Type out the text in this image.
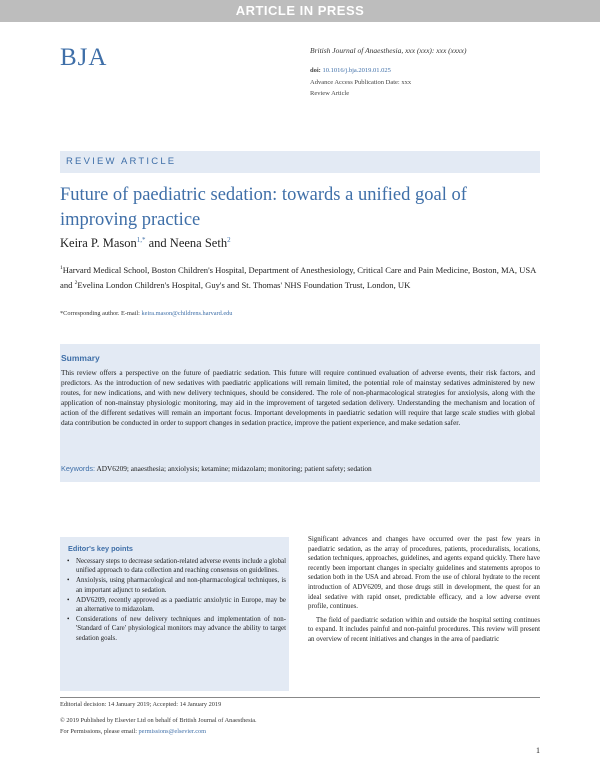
ARTICLE IN PRESS
BJA	British Journal of Anaesthesia, xxx (xxx): xxx (xxxx)
doi: 10.1016/j.bja.2019.01.025
Advance Access Publication Date: xxx
Review Article
REVIEW ARTICLE
Future of paediatric sedation: towards a unified goal of improving practice
Keira P. Mason$^{1,*}$ and Neena Seth$^2$
$^1$Harvard Medical School, Boston Children's Hospital, Department of Anesthesiology, Critical Care and Pain Medicine, Boston, MA, USA and $^2$Evelina London Children's Hospital, Guy's and St. Thomas' NHS Foundation Trust, London, UK
*Corresponding author. E-mail: keira.mason@childrens.harvard.edu
Summary
This review offers a perspective on the future of paediatric sedation. This future will require continued evaluation of adverse events, their risk factors, and predictors. As the introduction of new sedatives with paediatric applications will remain limited, the potential role of mainstay sedatives administered by new routes, for new indications, and with new delivery techniques, should be considered. The role of non-pharmacological strategies for anxiolysis, along with the application of non-mainstay physiologic monitoring, may aid in the improvement of targeted sedation delivery. Understanding the mechanism and location of action of the different sedatives will remain an important focus. Important developments in paediatric sedation will require that large scale studies with global data contribution be conducted in order to support changes in sedation practice, improve the patient experience, and make sedation safer.
Keywords: ADV6209; anaesthesia; anxiolysis; ketamine; midazolam; monitoring; patient safety; sedation
Editor's key points
• Necessary steps to decrease sedation-related adverse events include a global unified approach to data collection and reaching consensus on guidelines.
• Anxiolysis, using pharmacological and non-pharmacological techniques, is an important adjunct to sedation.
• ADV6209, recently approved as a paediatric anxiolytic in Europe, may be an alternative to midazolam.
• Considerations of new delivery techniques and implementation of non-'Standard of Care' physiological monitors may advance the ability to target sedation goals.

Significant advances and changes have occurred over the past few years in paediatric sedation, as the array of procedures, patients, proceduralists, locations, sedation techniques, approaches, guidelines, and agents expand quickly. There have recently been important changes in specialty guidelines and statements apropos to sedation both in the USA and abroad. From the use of chloral hydrate to the recent introduction of ADV6209, and those drugs still in development, the quest for an ideal sedative with rapid onset, predictable efficacy, and a low adverse event profile, continues.

The field of paediatric sedation within and outside the hospital setting continues to expand. It includes painful and non-painful procedures. This review will present an overview of recent initiatives and changes in the area of paediatric

Editorial decision: 14 January 2019; Accepted: 14 January 2019
© 2019 Published by Elsevier Ltd on behalf of British Journal of Anaesthesia.
For Permissions, please email: permissions@elsevier.com
1
